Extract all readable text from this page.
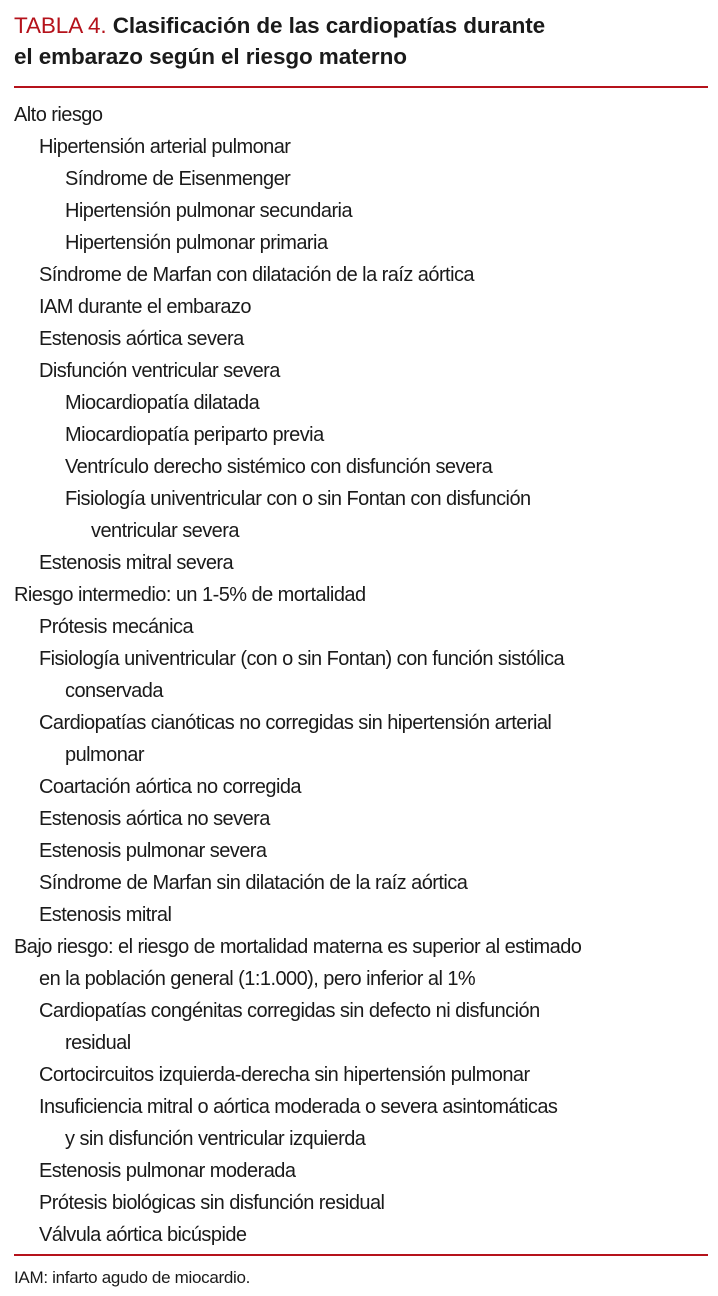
TABLA 4. Clasificación de las cardiopatías durante
el embarazo según el riesgo materno
Alto riesgo
Hipertensión arterial pulmonar
Síndrome de Eisenmenger
Hipertensión pulmonar secundaria
Hipertensión pulmonar primaria
Síndrome de Marfan con dilatación de la raíz aórtica
IAM durante el embarazo
Estenosis aórtica severa
Disfunción ventricular severa
Miocardiopatía dilatada
Miocardiopatía periparto previa
Ventrículo derecho sistémico con disfunción severa
Fisiología univentricular con o sin Fontan con disfunción
ventricular severa
Estenosis mitral severa
Riesgo intermedio: un 1-5% de mortalidad
Prótesis mecánica
Fisiología univentricular (con o sin Fontan) con función sistólica
conservada
Cardiopatías cianóticas no corregidas sin hipertensión arterial
pulmonar
Coartación aórtica no corregida
Estenosis aórtica no severa
Estenosis pulmonar severa
Síndrome de Marfan sin dilatación de la raíz aórtica
Estenosis mitral
Bajo riesgo: el riesgo de mortalidad materna es superior al estimado
en la población general (1:1.000), pero inferior al 1%
Cardiopatías congénitas corregidas sin defecto ni disfunción
residual
Cortocircuitos izquierda-derecha sin hipertensión pulmonar
Insuficiencia mitral o aórtica moderada o severa asintomáticas
y sin disfunción ventricular izquierda
Estenosis pulmonar moderada
Prótesis biológicas sin disfunción residual
Válvula aórtica bicúspide
IAM: infarto agudo de miocardio.
